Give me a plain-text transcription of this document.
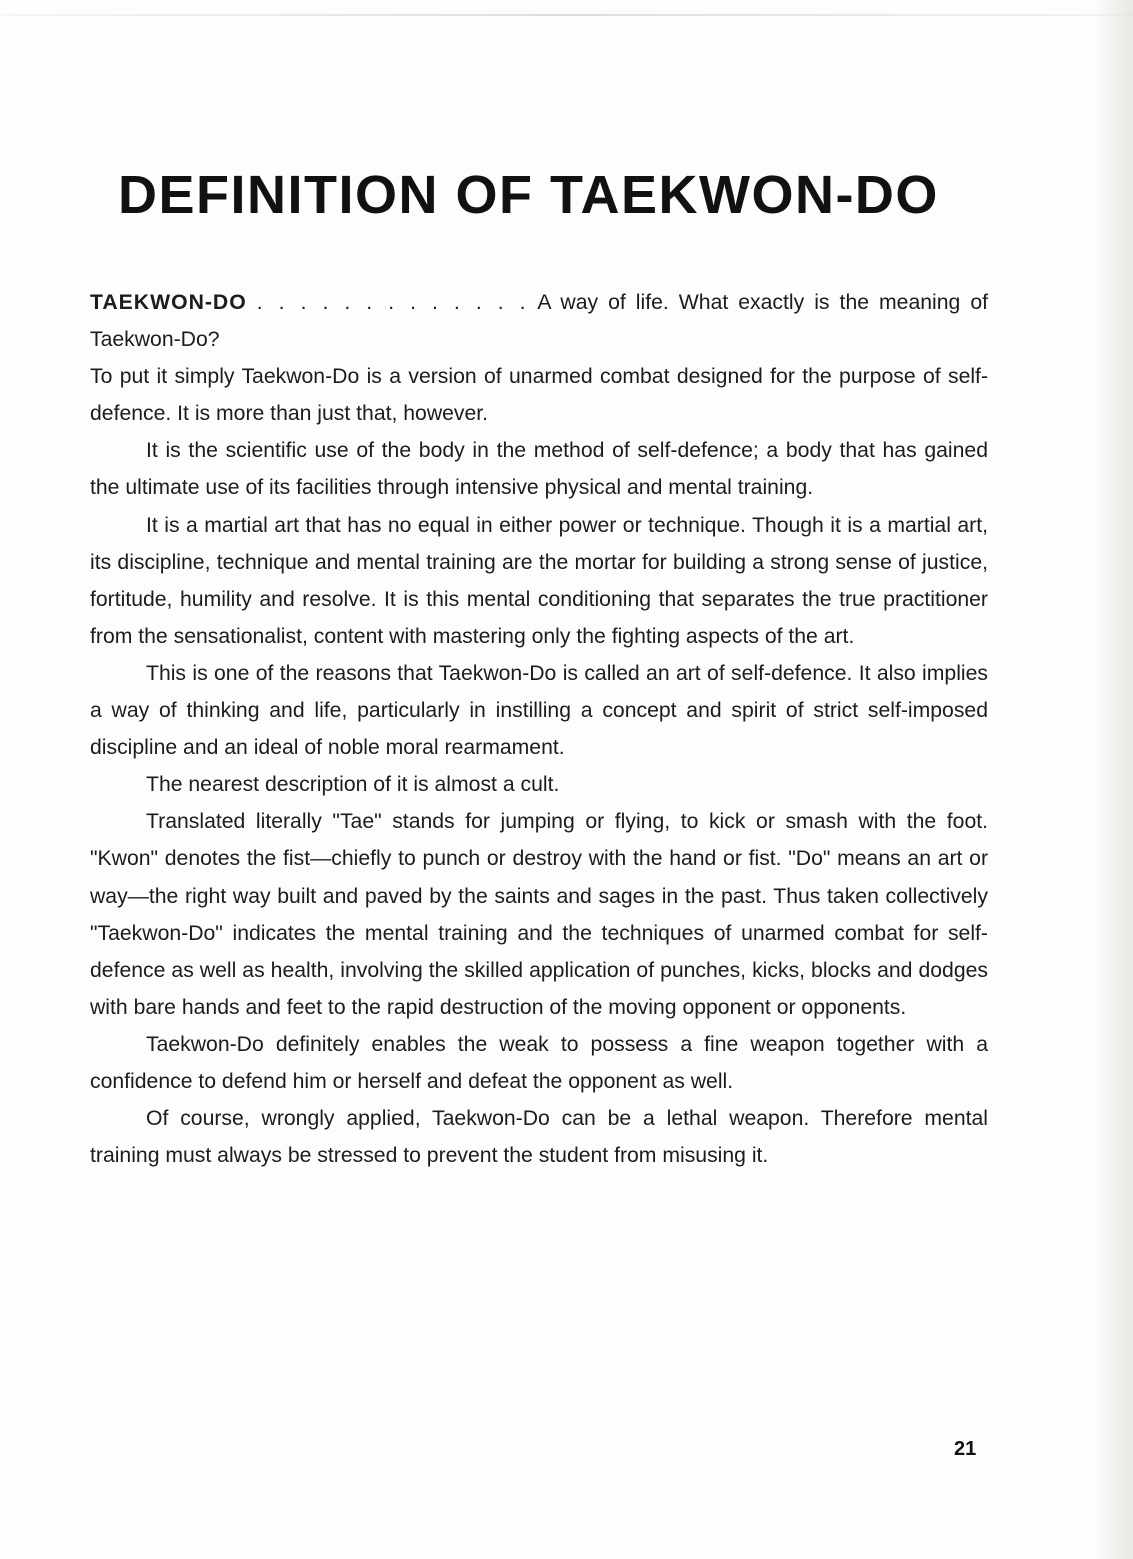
DEFINITION OF TAEKWON-DO

TAEKWON-DO . . . . . . . . . . . . . A way of life. What exactly is the meaning of Taekwon-Do?

To put it simply Taekwon-Do is a version of unarmed combat designed for the purpose of self-defence. It is more than just that, however.

It is the scientific use of the body in the method of self-defence; a body that has gained the ultimate use of its facilities through intensive physical and mental training.

It is a martial art that has no equal in either power or technique. Though it is a martial art, its discipline, technique and mental training are the mortar for building a strong sense of justice, fortitude, humility and resolve. It is this mental conditioning that separates the true practitioner from the sensationalist, content with mastering only the fighting aspects of the art.

This is one of the reasons that Taekwon-Do is called an art of self-defence. It also implies a way of thinking and life, particularly in instilling a concept and spirit of strict self-imposed discipline and an ideal of noble moral rearmament.

The nearest description of it is almost a cult.

Translated literally "Tae" stands for jumping or flying, to kick or smash with the foot. "Kwon" denotes the fist—chiefly to punch or destroy with the hand or fist. "Do" means an art or way—the right way built and paved by the saints and sages in the past. Thus taken collectively "Taekwon-Do" indicates the mental training and the techniques of unarmed combat for self-defence as well as health, involving the skilled application of punches, kicks, blocks and dodges with bare hands and feet to the rapid destruction of the moving opponent or opponents.

Taekwon-Do definitely enables the weak to possess a fine weapon together with a confidence to defend him or herself and defeat the opponent as well.

Of course, wrongly applied, Taekwon-Do can be a lethal weapon. Therefore mental training must always be stressed to prevent the student from misusing it.

21
